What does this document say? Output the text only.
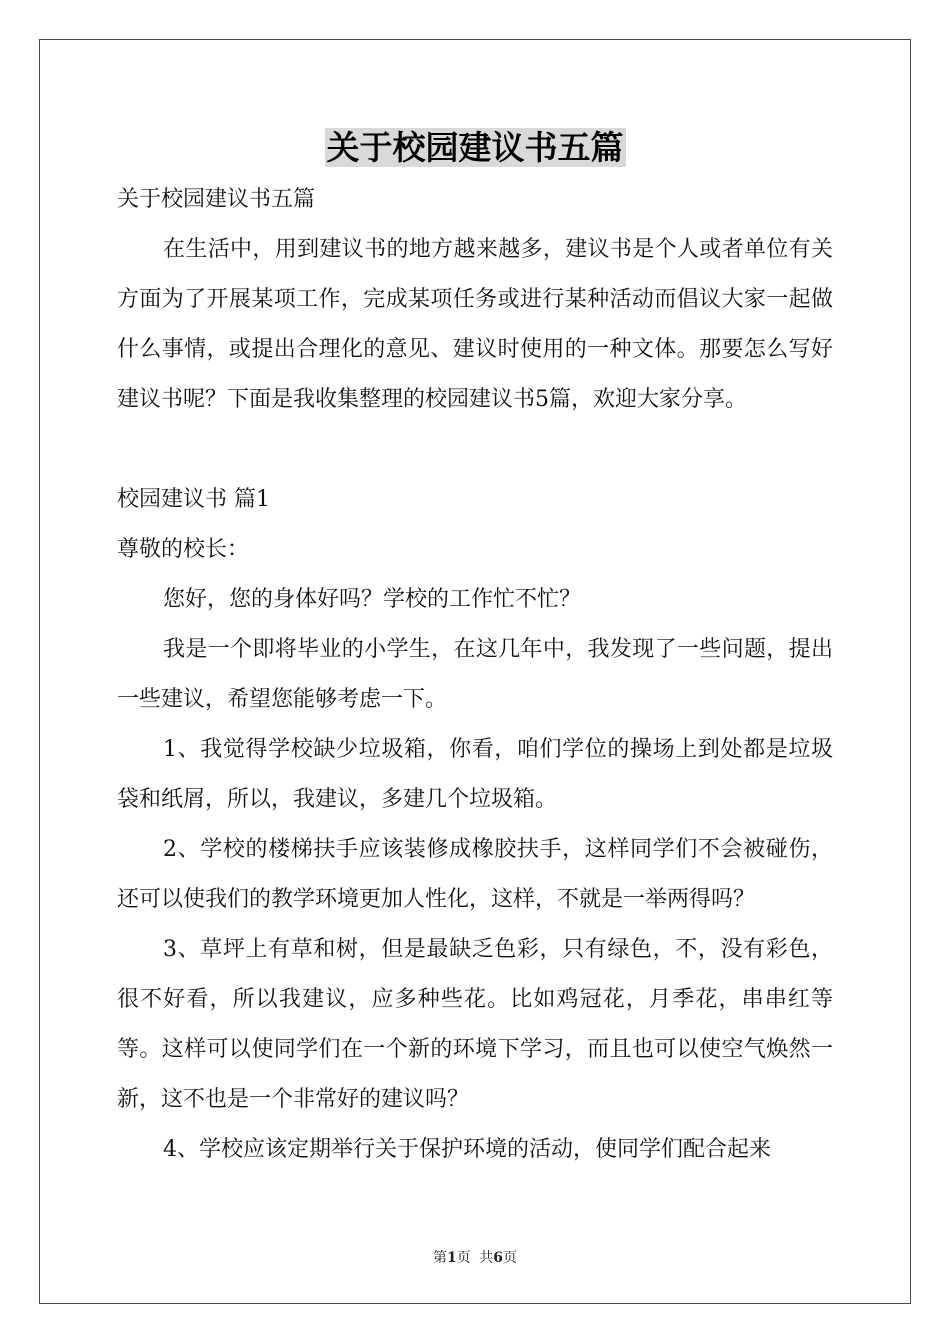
关于校园建议书五篇

关于校园建议书五篇

在生活中，用到建议书的地方越来越多，建议书是个人或者单位有关方面为了开展某项工作，完成某项任务或进行某种活动而倡议大家一起做什么事情，或提出合理化的意见、建议时使用的一种文体。那要怎么写好建议书呢？下面是我收集整理的校园建议书5篇，欢迎大家分享。

校园建议书 篇1

尊敬的校长：

您好，您的身体好吗？学校的工作忙不忙？

我是一个即将毕业的小学生，在这几年中，我发现了一些问题，提出一些建议，希望您能够考虑一下。

1、我觉得学校缺少垃圾箱，你看，咱们学位的操场上到处都是垃圾袋和纸屑，所以，我建议，多建几个垃圾箱。

2、学校的楼梯扶手应该装修成橡胶扶手，这样同学们不会被碰伤，还可以使我们的教学环境更加人性化，这样，不就是一举两得吗？

3、草坪上有草和树，但是最缺乏色彩，只有绿色，不，没有彩色，很不好看，所以我建议，应多种些花。比如鸡冠花，月季花，串串红等等。这样可以使同学们在一个新的环境下学习，而且也可以使空气焕然一新，这不也是一个非常好的建议吗？

4、学校应该定期举行关于保护环境的活动，使同学们配合起来

第1页 共6页
